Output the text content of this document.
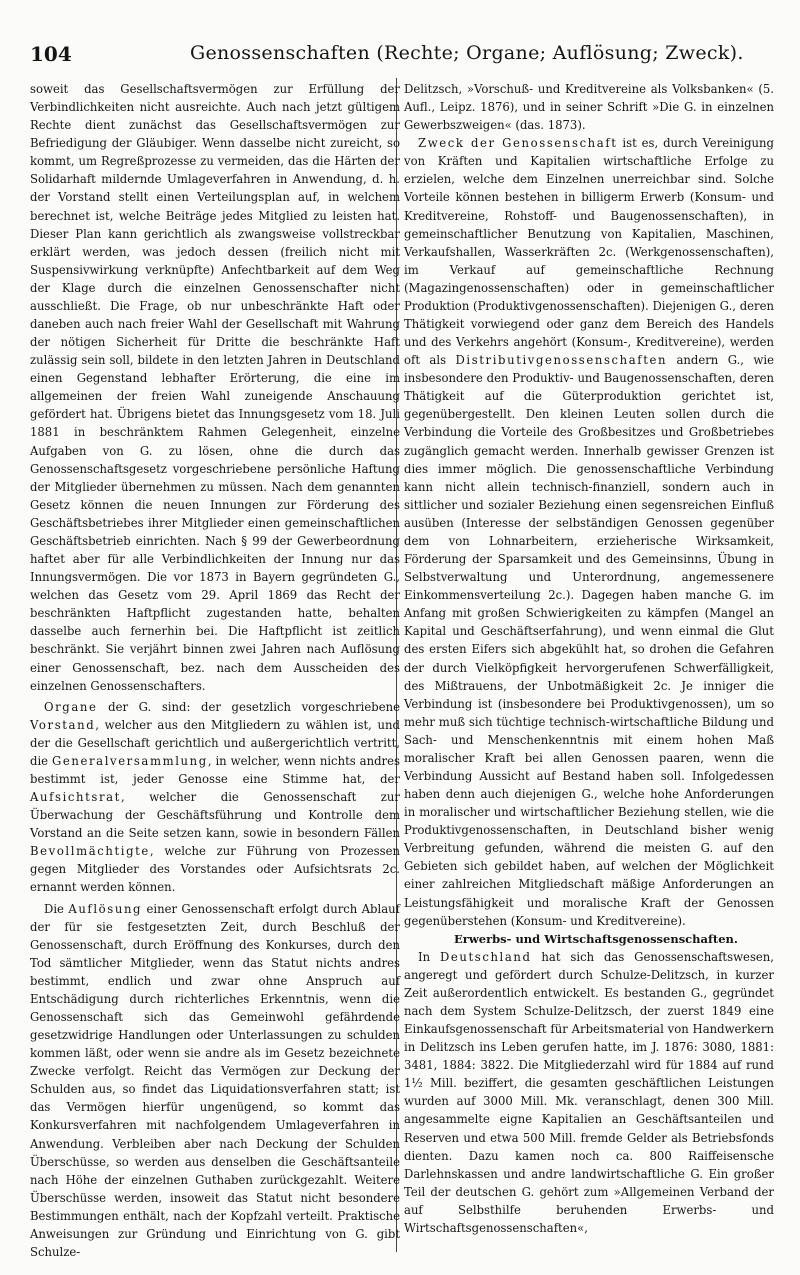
104	Genossenschaften (Rechte; Organe; Auflösung; Zweck).

soweit das Gesellschaftsvermögen zur Erfüllung der Verbindlichkeiten nicht ausreichte. Auch nach jetzt gültigem Rechte dient zunächst das Gesellschaftsvermögen zur Befriedigung der Gläubiger. Wenn dasselbe nicht zureicht, so kommt, um Regreßprozesse zu vermeiden, das die Härten der Solidarhaft mildernde Umlageverfahren in Anwendung, d. h. der Vorstand stellt einen Verteilungsplan auf, in welchem berechnet ist, welche Beiträge jedes Mitglied zu leisten hat. Dieser Plan kann gerichtlich als zwangsweise vollstreckbar erklärt werden, was jedoch dessen (freilich nicht mit Suspensivwirkung verknüpfte) Anfechtbarkeit auf dem Weg der Klage durch die einzelnen Genossenschafter nicht ausschließt. Die Frage, ob nur unbeschränkte Haft oder daneben auch nach freier Wahl der Gesellschaft mit Wahrung der nötigen Sicherheit für Dritte die beschränkte Haft zulässig sein soll, bildete in den letzten Jahren in Deutschland einen Gegenstand lebhafter Erörterung, die eine im allgemeinen der freien Wahl zuneigende Anschauung gefördert hat. Übrigens bietet das Innungsgesetz vom 18. Juli 1881 in beschränktem Rahmen Gelegenheit, einzelne Aufgaben von G. zu lösen, ohne die durch das Genossenschaftsgesetz vorgeschriebene persönliche Haftung der Mitglieder übernehmen zu müssen. Nach dem genannten Gesetz können die neuen Innungen zur Förderung des Geschäftsbetriebes ihrer Mitglieder einen gemeinschaftlichen Geschäftsbetrieb einrichten. Nach § 99 der Gewerbeordnung haftet aber für alle Verbindlichkeiten der Innung nur das Innungsvermögen. Die vor 1873 in Bayern gegründeten G., welchen das Gesetz vom 29. April 1869 das Recht der beschränkten Haftpflicht zugestanden hatte, behalten dasselbe auch fernerhin bei. Die Haftpflicht ist zeitlich beschränkt. Sie verjährt binnen zwei Jahren nach Auflösung einer Genossenschaft, bez. nach dem Ausscheiden des einzelnen Genossenschafters.

Organe der G. sind: der gesetzlich vorgeschriebene Vorstand, welcher aus den Mitgliedern zu wählen ist, und der die Gesellschaft gerichtlich und außergerichtlich vertritt, die Generalversammlung, in welcher, wenn nichts andres bestimmt ist, jeder Genosse eine Stimme hat, der Aufsichtsrat, welcher die Genossenschaft zur Überwachung der Geschäftsführung und Kontrolle dem Vorstand an die Seite setzen kann, sowie in besondern Fällen Bevollmächtigte, welche zur Führung von Prozessen gegen Mitglieder des Vorstandes oder Aufsichtsrats 2c. ernannt werden können.

Die Auflösung einer Genossenschaft erfolgt durch Ablauf der für sie festgesetzten Zeit, durch Beschluß der Genossenschaft, durch Eröffnung des Konkurses, durch den Tod sämtlicher Mitglieder, wenn das Statut nichts andres bestimmt, endlich und zwar ohne Anspruch auf Entschädigung durch richterliches Erkenntnis, wenn die Genossenschaft sich das Gemeinwohl gefährdende gesetzwidrige Handlungen oder Unterlassungen zu schulden kommen läßt, oder wenn sie andre als im Gesetz bezeichnete Zwecke verfolgt. Reicht das Vermögen zur Deckung der Schulden aus, so findet das Liquidationsverfahren statt; ist das Vermögen hierfür ungenügend, so kommt das Konkursverfahren mit nachfolgendem Umlageverfahren in Anwendung. Verbleiben aber nach Deckung der Schulden Überschüsse, so werden aus denselben die Geschäftsanteile nach Höhe der einzelnen Guthaben zurückgezahlt. Weitere Überschüsse werden, insoweit das Statut nicht besondere Bestimmungen enthält, nach der Kopfzahl verteilt. Praktische Anweisungen zur Gründung und Einrichtung von G. gibt Schulze-

Delitzsch, »Vorschuß- und Kreditvereine als Volksbanken« (5. Aufl., Leipz. 1876), und in seiner Schrift »Die G. in einzelnen Gewerbszweigen« (das. 1873).

Zweck der Genossenschaft ist es, durch Vereinigung von Kräften und Kapitalien wirtschaftliche Erfolge zu erzielen, welche dem Einzelnen unerreichbar sind. Solche Vorteile können bestehen in billigerm Erwerb (Konsum- und Kreditvereine, Rohstoff- und Baugenossenschaften), in gemeinschaftlicher Benutzung von Kapitalien, Maschinen, Verkaufshallen, Wasserkräften 2c. (Werkgenossenschaften), im Verkauf auf gemeinschaftliche Rechnung (Magazingenossenschaften) oder in gemeinschaftlicher Produktion (Produktivgenossenschaften). Diejenigen G., deren Thätigkeit vorwiegend oder ganz dem Bereich des Handels und des Verkehrs angehört (Konsum-, Kreditvereine), werden oft als Distributivgenossenschaften andern G., wie insbesondere den Produktiv- und Baugenossenschaften, deren Thätigkeit auf die Güterproduktion gerichtet ist, gegenübergestellt. Den kleinen Leuten sollen durch die Verbindung die Vorteile des Großbesitzes und Großbetriebes zugänglich gemacht werden. Innerhalb gewisser Grenzen ist dies immer möglich. Die genossenschaftliche Verbindung kann nicht allein technisch-finanziell, sondern auch in sittlicher und sozialer Beziehung einen segensreichen Einfluß ausüben (Interesse der selbständigen Genossen gegenüber dem von Lohnarbeitern, erzieherische Wirksamkeit, Förderung der Sparsamkeit und des Gemeinsinns, Übung in Selbstverwaltung und Unterordnung, angemessenere Einkommensverteilung 2c.). Dagegen haben manche G. im Anfang mit großen Schwierigkeiten zu kämpfen (Mangel an Kapital und Geschäftserfahrung), und wenn einmal die Glut des ersten Eifers sich abgekühlt hat, so drohen die Gefahren der durch Vielköpfigkeit hervorgerufenen Schwerfälligkeit, des Mißtrauens, der Unbotmäßigkeit 2c. Je inniger die Verbindung ist (insbesondere bei Produktivgenossen), um so mehr muß sich tüchtige technisch-wirtschaftliche Bildung und Sach- und Menschenkenntnis mit einem hohen Maß moralischer Kraft bei allen Genossen paaren, wenn die Verbindung Aussicht auf Bestand haben soll. Infolgedessen haben denn auch diejenigen G., welche hohe Anforderungen in moralischer und wirtschaftlicher Beziehung stellen, wie die Produktivgenossenschaften, in Deutschland bisher wenig Verbreitung gefunden, während die meisten G. auf den Gebieten sich gebildet haben, auf welchen der Möglichkeit einer zahlreichen Mitgliedschaft mäßige Anforderungen an Leistungsfähigkeit und moralische Kraft der Genossen gegenüberstehen (Konsum- und Kreditvereine).

Erwerbs- und Wirtschaftsgenossenschaften.

In Deutschland hat sich das Genossenschaftswesen, angeregt und gefördert durch Schulze-Delitzsch, in kurzer Zeit außerordentlich entwickelt. Es bestanden G., gegründet nach dem System Schulze-Delitzsch, der zuerst 1849 eine Einkaufsgenossenschaft für Arbeitsmaterial von Handwerkern in Delitzsch ins Leben gerufen hatte, im J. 1876: 3080, 1881: 3481, 1884: 3822. Die Mitgliederzahl wird für 1884 auf rund 1½ Mill. beziffert, die gesamten geschäftlichen Leistungen wurden auf 3000 Mill. Mk. veranschlagt, denen 300 Mill. angesammelte eigne Kapitalien an Geschäftsanteilen und Reserven und etwa 500 Mill. fremde Gelder als Betriebsfonds dienten. Dazu kamen noch ca. 800 Raiffeisensche Darlehnskassen und andre landwirtschaftliche G. Ein großer Teil der deutschen G. gehört zum »Allgemeinen Verband der auf Selbsthilfe beruhenden Erwerbs- und Wirtschaftsgenossenschaften«,
